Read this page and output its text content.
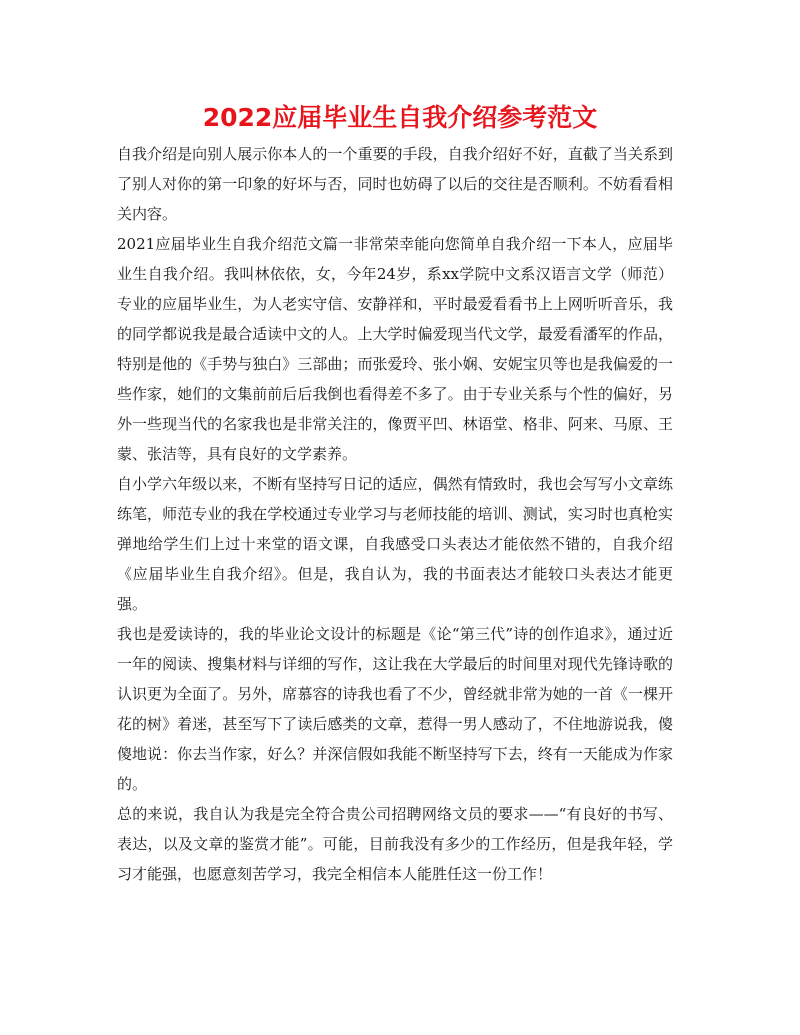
2022应届毕业生自我介绍参考范文

自我介绍是向别人展示你本人的一个重要的手段，自我介绍好不好，直截了当关系到了别人对你的第一印象的好坏与否，同时也妨碍了以后的交往是否顺利。不妨看看相关内容。

2021应届毕业生自我介绍范文篇一非常荣幸能向您简单自我介绍一下本人，应届毕业生自我介绍。我叫林依依，女，今年24岁，系xx学院中文系汉语言文学（师范）专业的应届毕业生，为人老实守信、安静祥和，平时最爱看看书上上网听听音乐，我的同学都说我是最合适读中文的人。上大学时偏爱现当代文学，最爱看潘军的作品，特别是他的《手势与独白》三部曲；而张爱玲、张小娴、安妮宝贝等也是我偏爱的一些作家，她们的文集前前后后我倒也看得差不多了。由于专业关系与个性的偏好，另外一些现当代的名家我也是非常关注的，像贾平凹、林语堂、格非、阿来、马原、王蒙、张洁等，具有良好的文学素养。

自小学六年级以来，不断有坚持写日记的适应，偶然有情致时，我也会写写小文章练练笔，师范专业的我在学校通过专业学习与老师技能的培训、测试，实习时也真枪实弹地给学生们上过十来堂的语文课，自我感受口头表达才能依然不错的，自我介绍《应届毕业生自我介绍》。但是，我自认为，我的书面表达才能较口头表达才能更强。

我也是爱读诗的，我的毕业论文设计的标题是《论“第三代”诗的创作追求》，通过近一年的阅读、搜集材料与详细的写作，这让我在大学最后的时间里对现代先锋诗歌的认识更为全面了。另外，席慕容的诗我也看了不少，曾经就非常为她的一首《一棵开花的树》着迷，甚至写下了读后感类的文章，惹得一男人感动了，不住地游说我，傻傻地说：你去当作家，好么？并深信假如我能不断坚持写下去，终有一天能成为作家的。

总的来说，我自认为我是完全符合贵公司招聘网络文员的要求——“有良好的书写、表达，以及文章的鉴赏才能”。可能，目前我没有多少的工作经历，但是我年轻，学习才能强，也愿意刻苦学习，我完全相信本人能胜任这一份工作！
